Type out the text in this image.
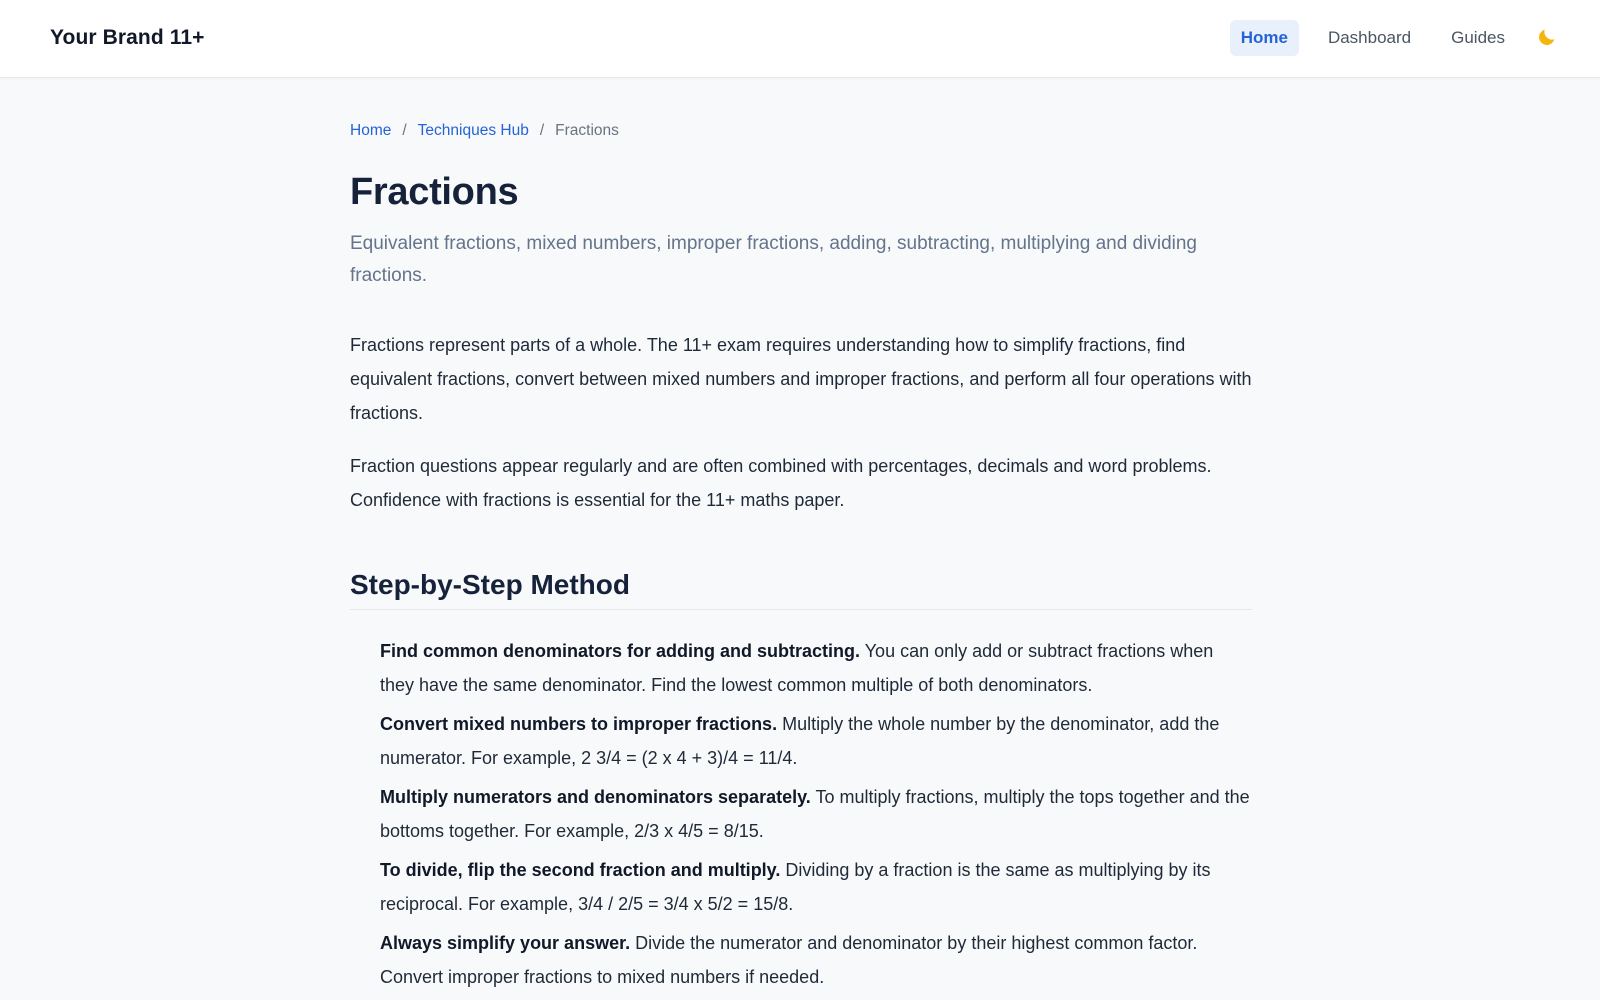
Your Brand 11+	Home	Dashboard	Guides
Home / Techniques Hub / Fractions
Fractions
Equivalent fractions, mixed numbers, improper fractions, adding, subtracting, multiplying and dividing fractions.

Fractions represent parts of a whole. The 11+ exam requires understanding how to simplify fractions, find equivalent fractions, convert between mixed numbers and improper fractions, and perform all four operations with fractions.

Fraction questions appear regularly and are often combined with percentages, decimals and word problems. Confidence with fractions is essential for the 11+ maths paper.

Step-by-Step Method
Find common denominators for adding and subtracting. You can only add or subtract fractions when they have the same denominator. Find the lowest common multiple of both denominators.
Convert mixed numbers to improper fractions. Multiply the whole number by the denominator, add the numerator. For example, 2 3/4 = (2 x 4 + 3)/4 = 11/4.
Multiply numerators and denominators separately. To multiply fractions, multiply the tops together and the bottoms together. For example, 2/3 x 4/5 = 8/15.
To divide, flip the second fraction and multiply. Dividing by a fraction is the same as multiplying by its reciprocal. For example, 3/4 / 2/5 = 3/4 x 5/2 = 15/8.
Always simplify your answer. Divide the numerator and denominator by their highest common factor. Convert improper fractions to mixed numbers if needed.
